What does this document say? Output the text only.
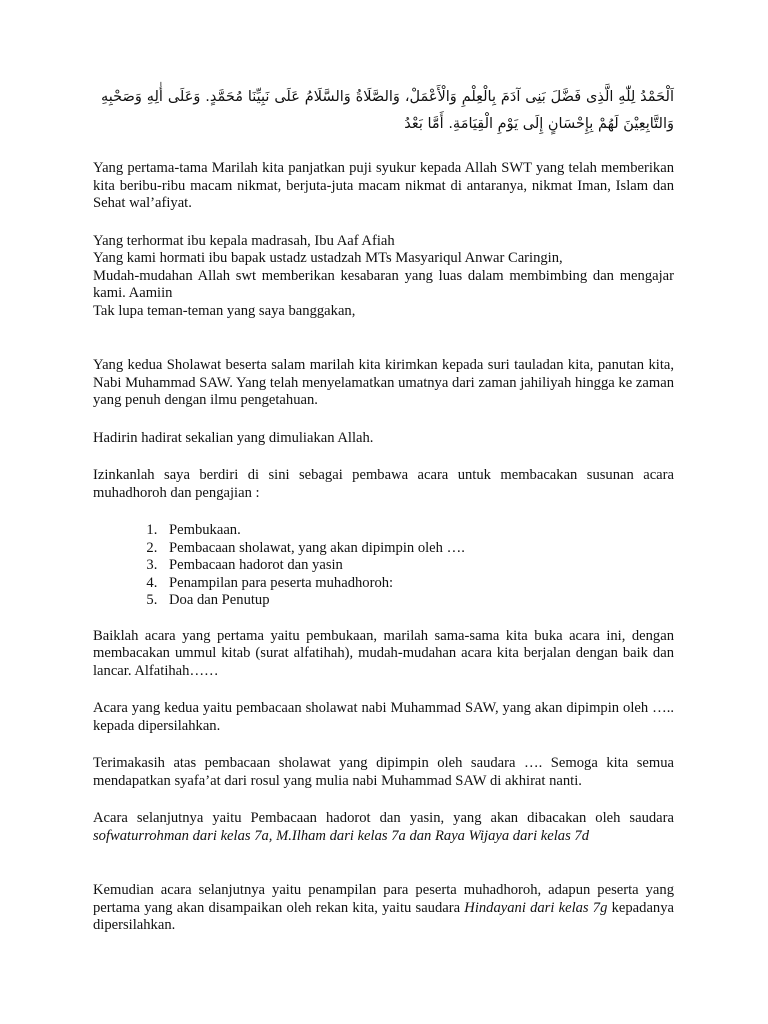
اَلْحَمْدُ لِلّٰهِ الَّذِى فَضَّلَ بَنِى آدَمَ بِالْعِلْمِ وَالْأَعْمَلْ، وَالصَّلَاةُ وَالسَّلَامُ عَلَى نَبِيِّنَا مُحَمَّدٍ. وَعَلَى أٰلِهِ وَصَحْبِهِ وَالتَّابِعِيْنَ لَهُمْ بِإِحْسَانٍ إِلَى يَوْمِ الْقِيَامَةِ. أَمَّا بَعْدُ

Yang pertama-tama Marilah kita panjatkan puji syukur kepada Allah SWT yang telah memberikan kita beribu-ribu macam nikmat, berjuta-juta macam nikmat di antaranya, nikmat Iman, Islam dan Sehat wal’afiyat.

Yang terhormat ibu kepala madrasah, Ibu Aaf Afiah
Yang kami hormati ibu bapak ustadz ustadzah MTs Masyariqul Anwar Caringin,

Mudah-mudahan Allah swt memberikan kesabaran yang luas dalam membimbing dan mengajar kami. Aamiin

Tak lupa teman-teman yang saya banggakan,

Yang kedua Sholawat beserta salam marilah kita kirimkan kepada suri tauladan kita, panutan kita, Nabi Muhammad SAW. Yang telah menyelamatkan umatnya dari zaman jahiliyah hingga ke zaman yang penuh dengan ilmu pengetahuan.

Hadirin hadirat sekalian yang dimuliakan Allah.

Izinkanlah saya berdiri di sini sebagai pembawa acara untuk membacakan susunan acara muhadhoroh dan pengajian :

1. Pembukaan.
2. Pembacaan sholawat, yang akan dipimpin oleh ….
3. Pembacaan hadorot dan yasin
4. Penampilan para peserta muhadhoroh:
5. Doa dan Penutup

Baiklah acara yang pertama yaitu pembukaan, marilah sama-sama kita buka acara ini, dengan membacakan ummul kitab (surat alfatihah), mudah-mudahan acara kita berjalan dengan baik dan lancar. Alfatihah……

Acara yang kedua yaitu pembacaan sholawat nabi Muhammad SAW, yang akan dipimpin oleh ….. kepada dipersilahkan.

Terimakasih atas pembacaan sholawat yang dipimpin oleh saudara …. Semoga kita semua mendapatkan syafa’at dari rosul yang mulia nabi Muhammad SAW di akhirat nanti.

Acara selanjutnya yaitu Pembacaan hadorot dan yasin, yang akan dibacakan oleh saudara sofwaturrohman dari kelas 7a, M.Ilham dari kelas 7a dan Raya Wijaya dari kelas 7d

Kemudian acara selanjutnya yaitu penampilan para peserta muhadhoroh, adapun peserta yang pertama yang akan disampaikan oleh rekan kita, yaitu saudara Hindayani dari kelas 7g kepadanya dipersilahkan.
